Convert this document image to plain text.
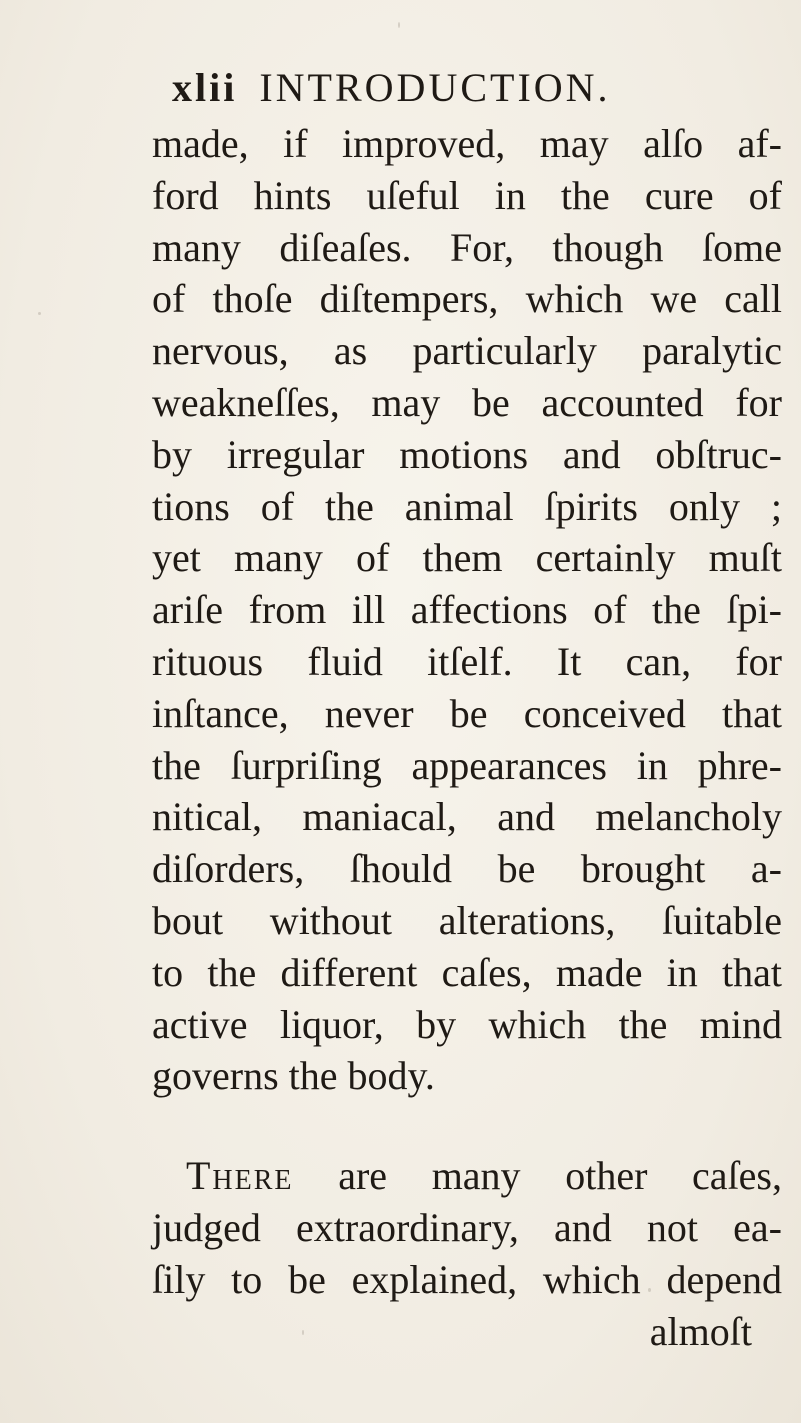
xlii INTRODUCTION.
made, if improved, may alſo af-
ford hints uſeful in the cure of
many diſeaſes. For, though ſome
of thoſe diſtempers, which we call
nervous, as particularly paralytic
weakneſſes, may be accounted for
by irregular motions and obſtruc-
tions of the animal ſpirits only ;
yet many of them certainly muſt
ariſe from ill affections of the ſpi-
rituous fluid itſelf. It can, for
inſtance, never be conceived that
the ſurpriſing appearances in phre-
nitical, maniacal, and melancholy
diſorders, ſhould be brought a-
bout without alterations, ſuitable
to the different caſes, made in that
active liquor, by which the mind
governs the body.
There are many other caſes,
judged extraordinary, and not ea-
ſily to be explained, which depend
almoſt
